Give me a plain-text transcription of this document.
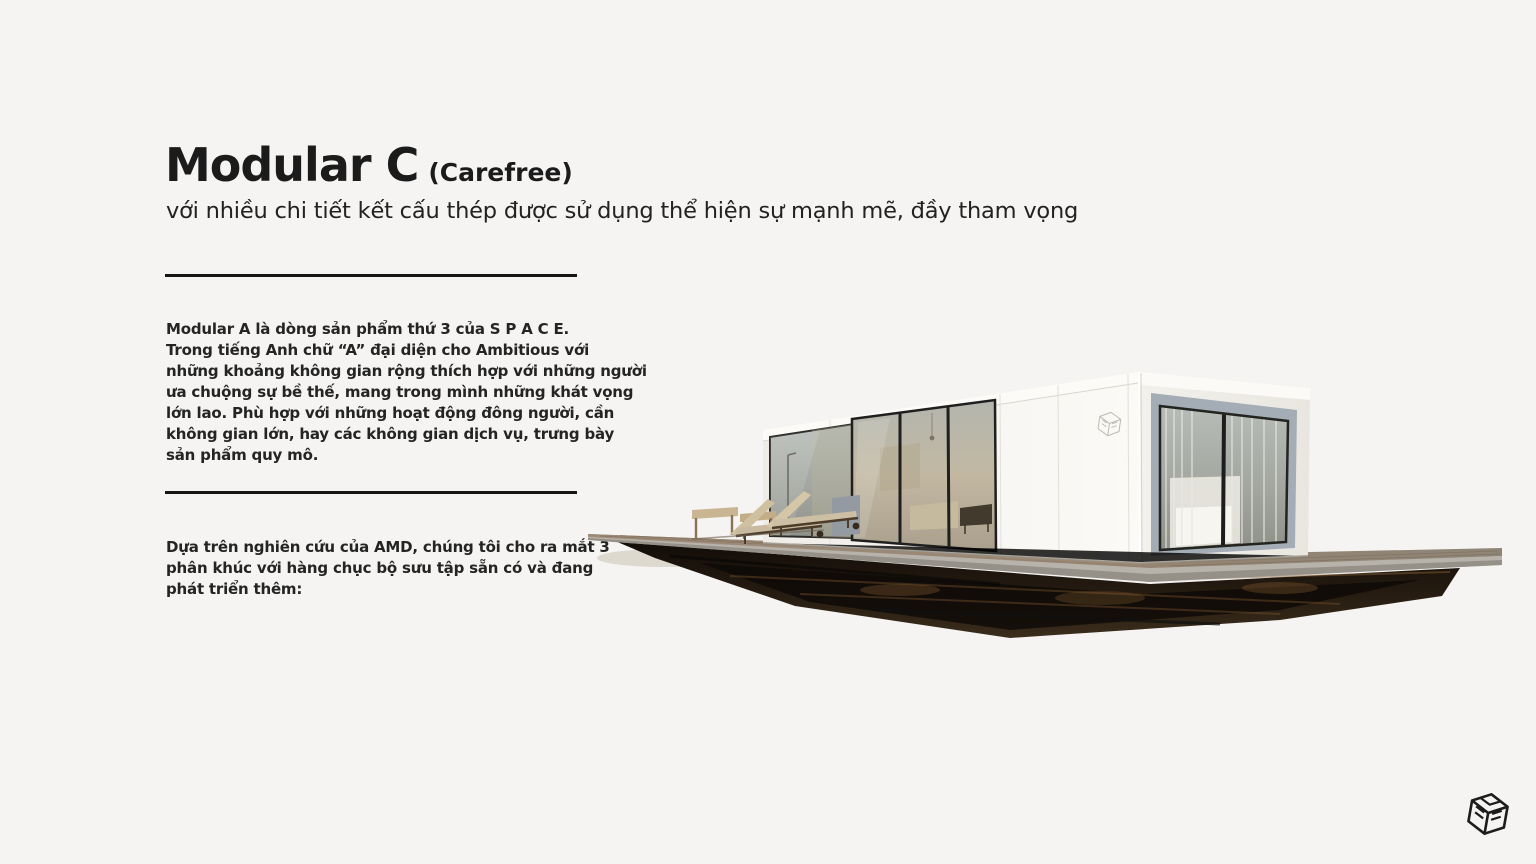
Modular C (Carefree)
với nhiều chi tiết kết cấu thép được sử dụng thể hiện sự mạnh mẽ, đầy tham vọng
Modular A là dòng sản phẩm thứ 3 của S P A C E.
Trong tiếng Anh chữ “A” đại diện cho Ambitious với
những khoảng không gian rộng thích hợp với những người
ưa chuộng sự bề thế, mang trong mình những khát vọng
lớn lao. Phù hợp với những hoạt động đông người, cần
không gian lớn, hay các không gian dịch vụ, trưng bày
sản phẩm quy mô.
Dựa trên nghiên cứu của AMD, chúng tôi cho ra mắt 3
phân khúc với hàng chục bộ sưu tập sẵn có và đang
phát triển thêm:
